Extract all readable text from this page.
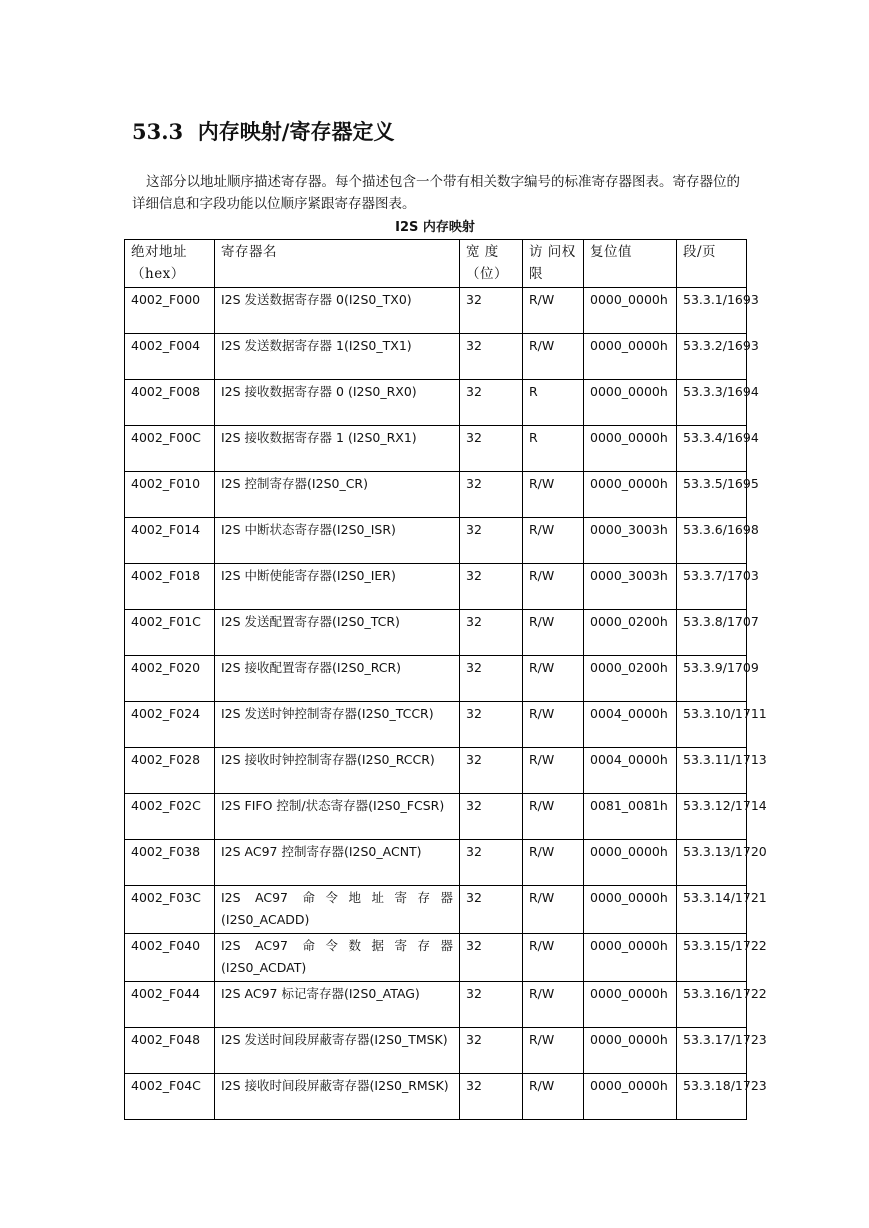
53.3 内存映射/寄存器定义

这部分以地址顺序描述寄存器。每个描述包含一个带有相关数字编号的标准寄存器图表。寄存器位的详细信息和字段功能以位顺序紧跟寄存器图表。

I2S 内存映射
绝对地址（hex）	寄存器名	宽 度（位）	访 问权限	复位值	段/页
4002_F000	I2S 发送数据寄存器 0(I2S0_TX0)	32	R/W	0000_0000h	53.3.1/1693
4002_F004	I2S 发送数据寄存器 1(I2S0_TX1)	32	R/W	0000_0000h	53.3.2/1693
4002_F008	I2S 接收数据寄存器 0 (I2S0_RX0)	32	R	0000_0000h	53.3.3/1694
4002_F00C	I2S 接收数据寄存器 1 (I2S0_RX1)	32	R	0000_0000h	53.3.4/1694
4002_F010	I2S 控制寄存器(I2S0_CR)	32	R/W	0000_0000h	53.3.5/1695
4002_F014	I2S 中断状态寄存器(I2S0_ISR)	32	R/W	0000_3003h	53.3.6/1698
4002_F018	I2S 中断使能寄存器(I2S0_IER)	32	R/W	0000_3003h	53.3.7/1703
4002_F01C	I2S 发送配置寄存器(I2S0_TCR)	32	R/W	0000_0200h	53.3.8/1707
4002_F020	I2S 接收配置寄存器(I2S0_RCR)	32	R/W	0000_0200h	53.3.9/1709
4002_F024	I2S 发送时钟控制寄存器(I2S0_TCCR)	32	R/W	0004_0000h	53.3.10/1711
4002_F028	I2S 接收时钟控制寄存器(I2S0_RCCR)	32	R/W	0004_0000h	53.3.11/1713
4002_F02C	I2S FIFO 控制/状态寄存器(I2S0_FCSR)	32	R/W	0081_0081h	53.3.12/1714
4002_F038	I2S AC97 控制寄存器(I2S0_ACNT)	32	R/W	0000_0000h	53.3.13/1720
4002_F03C	I2S AC97 命令地址寄存器(I2S0_ACADD)	32	R/W	0000_0000h	53.3.14/1721
4002_F040	I2S AC97 命令数据寄存器(I2S0_ACDAT)	32	R/W	0000_0000h	53.3.15/1722
4002_F044	I2S AC97 标记寄存器(I2S0_ATAG)	32	R/W	0000_0000h	53.3.16/1722
4002_F048	I2S 发送时间段屏蔽寄存器(I2S0_TMSK)	32	R/W	0000_0000h	53.3.17/1723
4002_F04C	I2S 接收时间段屏蔽寄存器(I2S0_RMSK)	32	R/W	0000_0000h	53.3.18/1723
